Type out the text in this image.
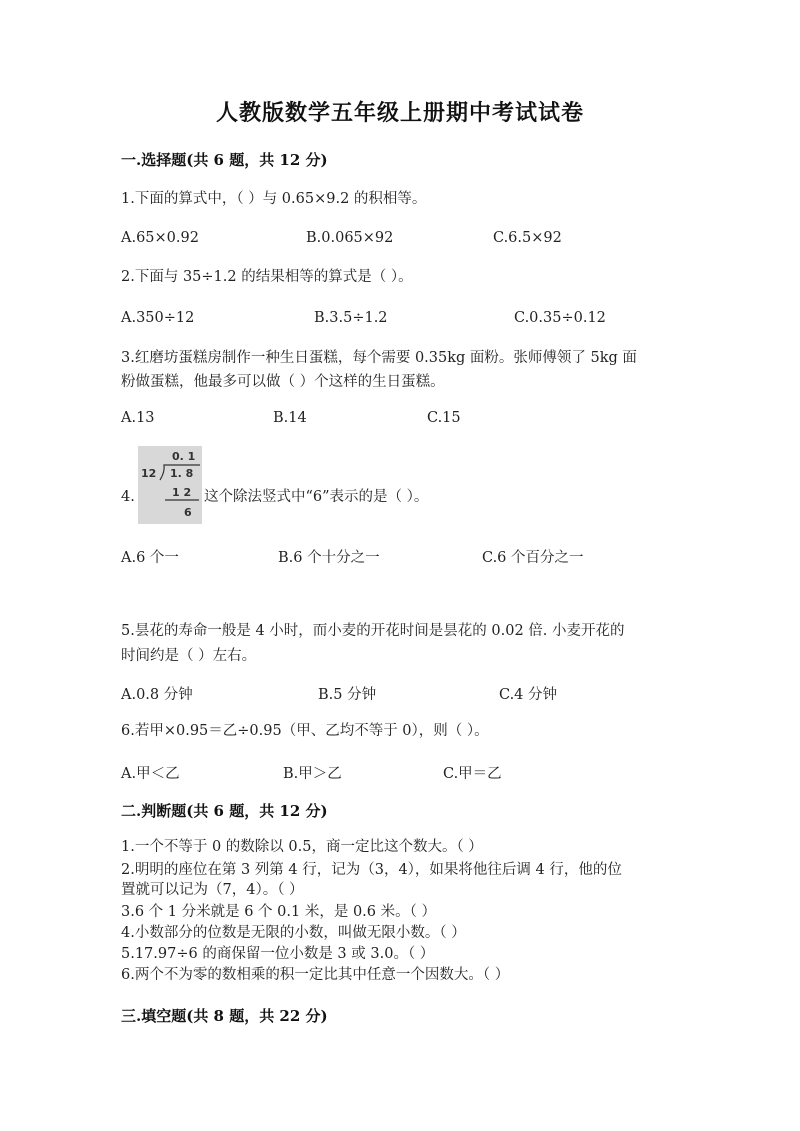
人教版数学五年级上册期中考试试卷
一.选择题(共 6 题，共 12 分)
1.下面的算式中，（ ）与 0.65×9.2 的积相等。
A.65×0.92	B.0.065×92	C.6.5×92
2.下面与 35÷1.2 的结果相等的算式是（ ）。
A.350÷12	B.3.5÷1.2	C.0.35÷0.12
3.红磨坊蛋糕房制作一种生日蛋糕，每个需要 0.35kg 面粉。张师傅领了 5kg 面
粉做蛋糕，他最多可以做（ ）个这样的生日蛋糕。
A.13	B.14	C.15
4.
0. 1
12 1. 8
1 2
6
这个除法竖式中“6”表示的是（ ）。
A.6 个一	B.6 个十分之一	C.6 个百分之一
5.昙花的寿命一般是 4 小时，而小麦的开花时间是昙花的 0.02 倍. 小麦开花的
时间约是（ ）左右。
A.0.8 分钟	B.5 分钟	C.4 分钟
6.若甲×0.95＝乙÷0.95（甲、乙均不等于 0），则（ ）。
A.甲＜乙	B.甲＞乙	C.甲＝乙
二.判断题(共 6 题，共 12 分)
1.一个不等于 0 的数除以 0.5，商一定比这个数大。（ ）
2.明明的座位在第 3 列第 4 行，记为（3，4），如果将他往后调 4 行，他的位
置就可以记为（7，4）。（ ）
3.6 个 1 分米就是 6 个 0.1 米，是 0.6 米。（ ）
4.小数部分的位数是无限的小数，叫做无限小数。（ ）
5.17.97÷6 的商保留一位小数是 3 或 3.0。（ ）
6.两个不为零的数相乘的积一定比其中任意一个因数大。（ ）
三.填空题(共 8 题，共 22 分)
